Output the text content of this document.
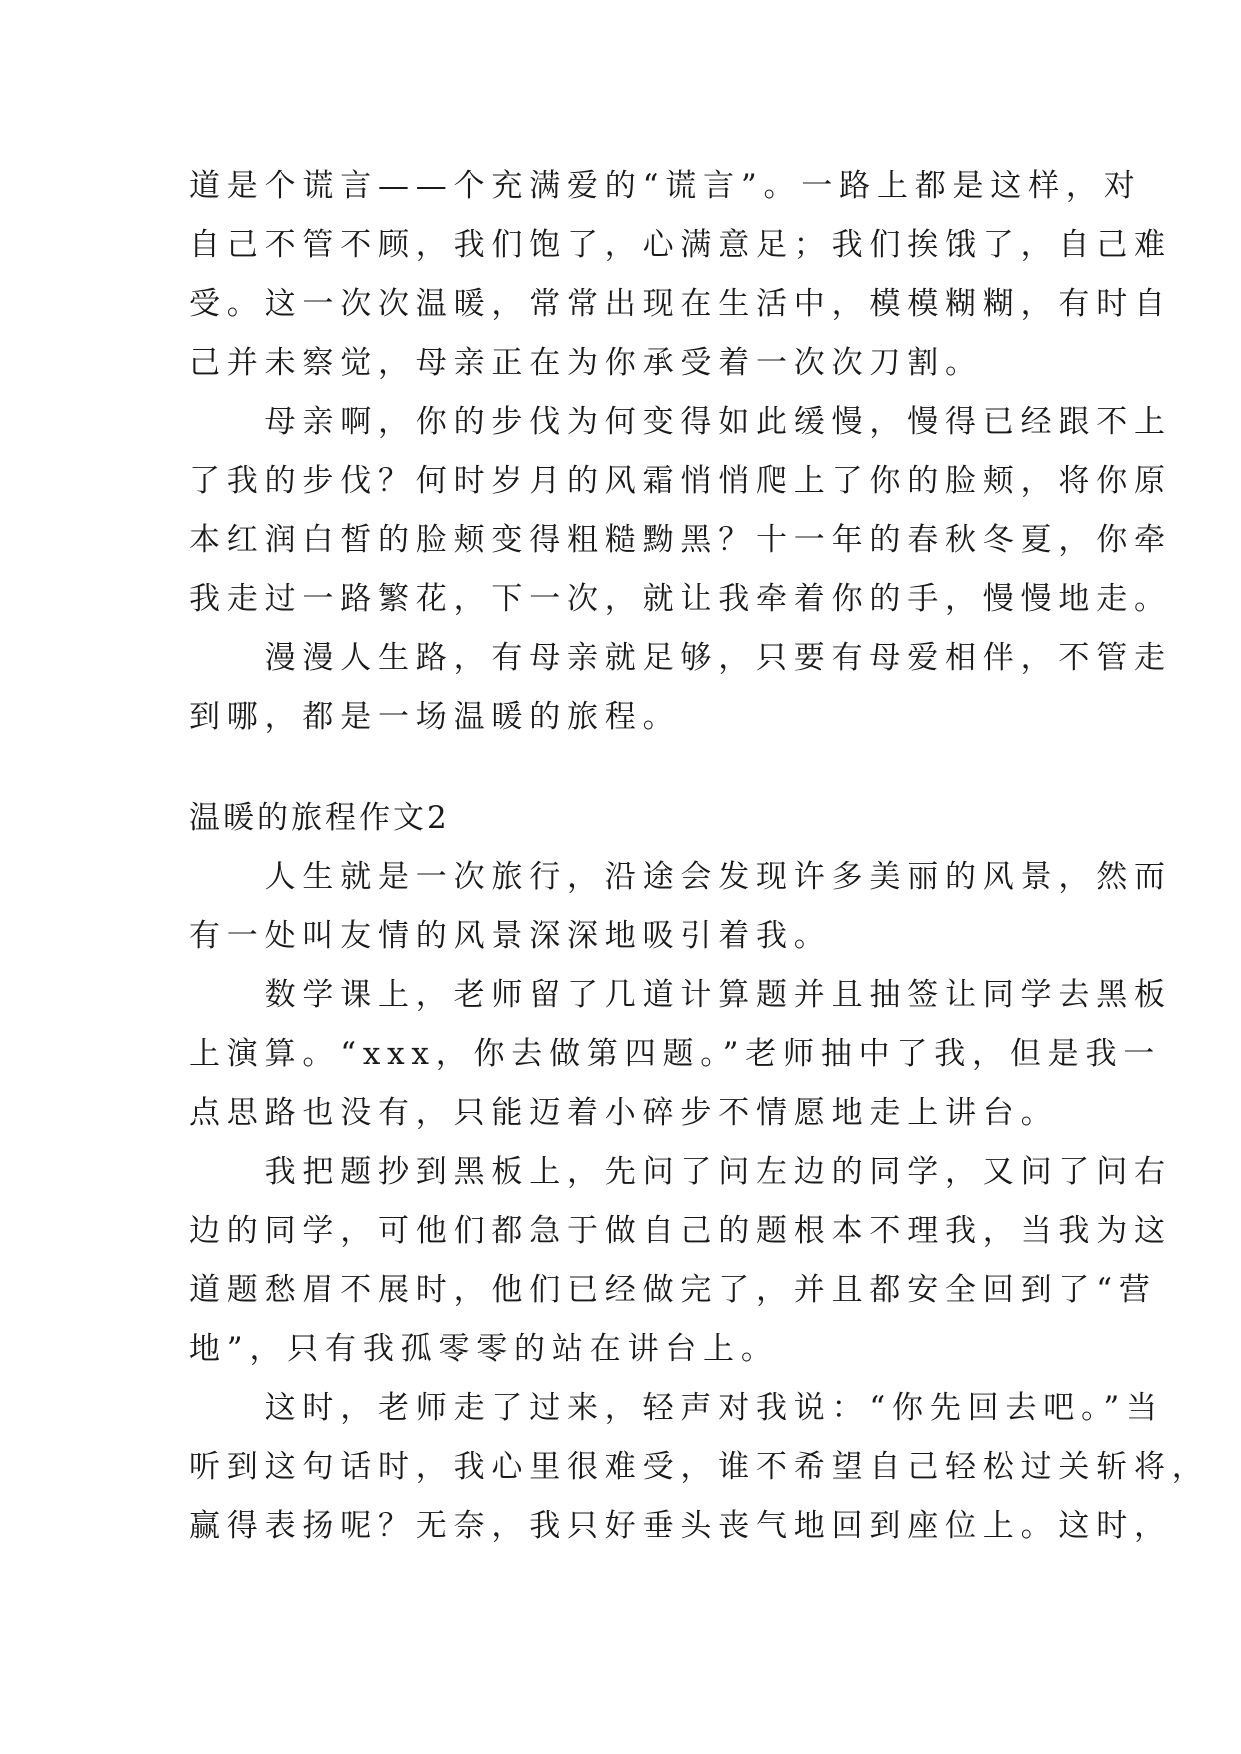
道是个谎言——个充满爱的“谎言”。一路上都是这样，对
自己不管不顾，我们饱了，心满意足；我们挨饿了，自己难
受。这一次次温暖，常常出现在生活中，模模糊糊，有时自
己并未察觉，母亲正在为你承受着一次次刀割。
　　母亲啊，你的步伐为何变得如此缓慢，慢得已经跟不上
了我的步伐？何时岁月的风霜悄悄爬上了你的脸颊，将你原
本红润白皙的脸颊变得粗糙黝黑？十一年的春秋冬夏，你牵
我走过一路繁花，下一次，就让我牵着你的手，慢慢地走。
　　漫漫人生路，有母亲就足够，只要有母爱相伴，不管走
到哪，都是一场温暖的旅程。
温暖的旅程作文2
　　人生就是一次旅行，沿途会发现许多美丽的风景，然而
有一处叫友情的风景深深地吸引着我。
　　数学课上，老师留了几道计算题并且抽签让同学去黑板
上演算。“xxx，你去做第四题。”老师抽中了我，但是我一
点思路也没有，只能迈着小碎步不情愿地走上讲台。
　　我把题抄到黑板上，先问了问左边的同学，又问了问右
边的同学，可他们都急于做自己的题根本不理我，当我为这
道题愁眉不展时，他们已经做完了，并且都安全回到了“营
地”，只有我孤零零的站在讲台上。
　　这时，老师走了过来，轻声对我说：“你先回去吧。”当
听到这句话时，我心里很难受，谁不希望自己轻松过关斩将，
赢得表扬呢？无奈，我只好垂头丧气地回到座位上。这时，
